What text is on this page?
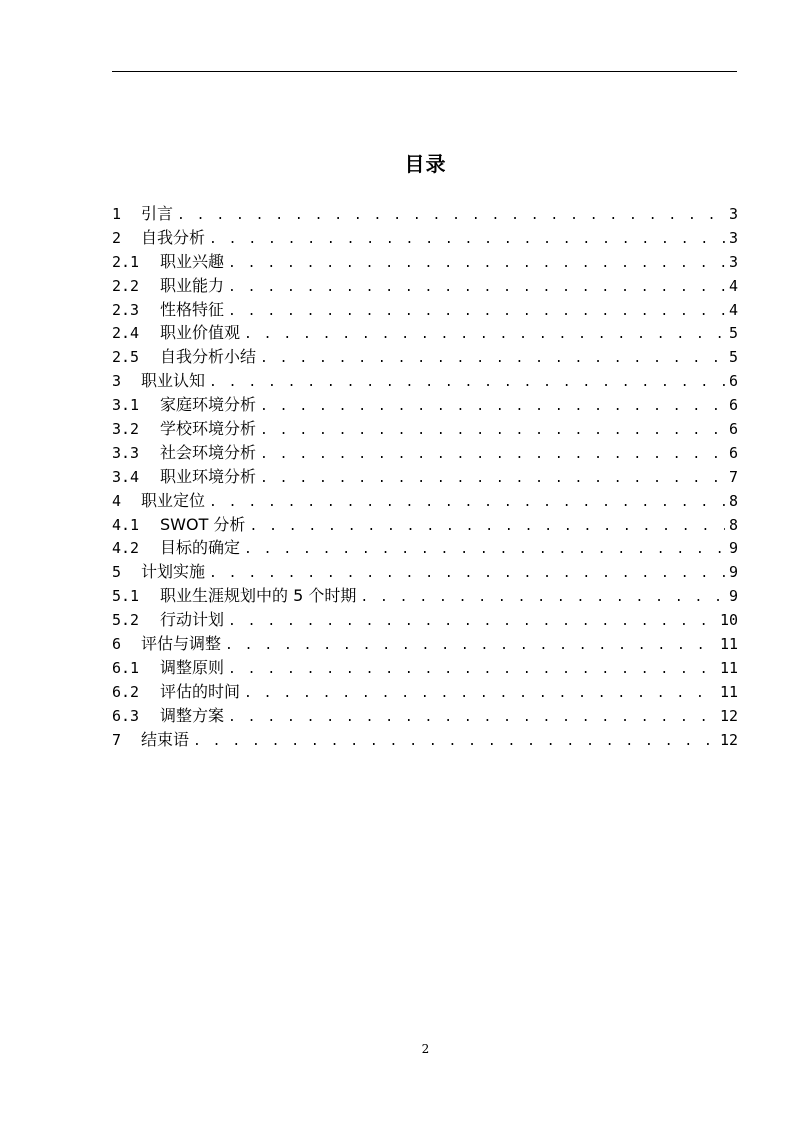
目录
1	引言 . . .	3
2	自我分析 . . .	3
2.1	职业兴趣 . . .	3
2.2	职业能力 . . .	4
2.3	性格特征 . . .	4
2.4	职业价值观 . . .	5
2.5	自我分析小结 . . .	5
3	职业认知 . . .	6
3.1	家庭环境分析 . . .	6
3.2	学校环境分析 . . .	6
3.3	社会环境分析 . . .	6
3.4	职业环境分析 . . .	7
4	职业定位 . . .	8
4.1	SWOT 分析 . . .	8
4.2	目标的确定 . . .	9
5	计划实施 . . .	9
5.1	职业生涯规划中的 5 个时期 . . .	9
5.2	行动计划 . . .	10
6	评估与调整 . . .	11
6.1	调整原则 . . .	11
6.2	评估的时间 . . .	11
6.3	调整方案 . . .	12
7	结束语 . . .	12
2
